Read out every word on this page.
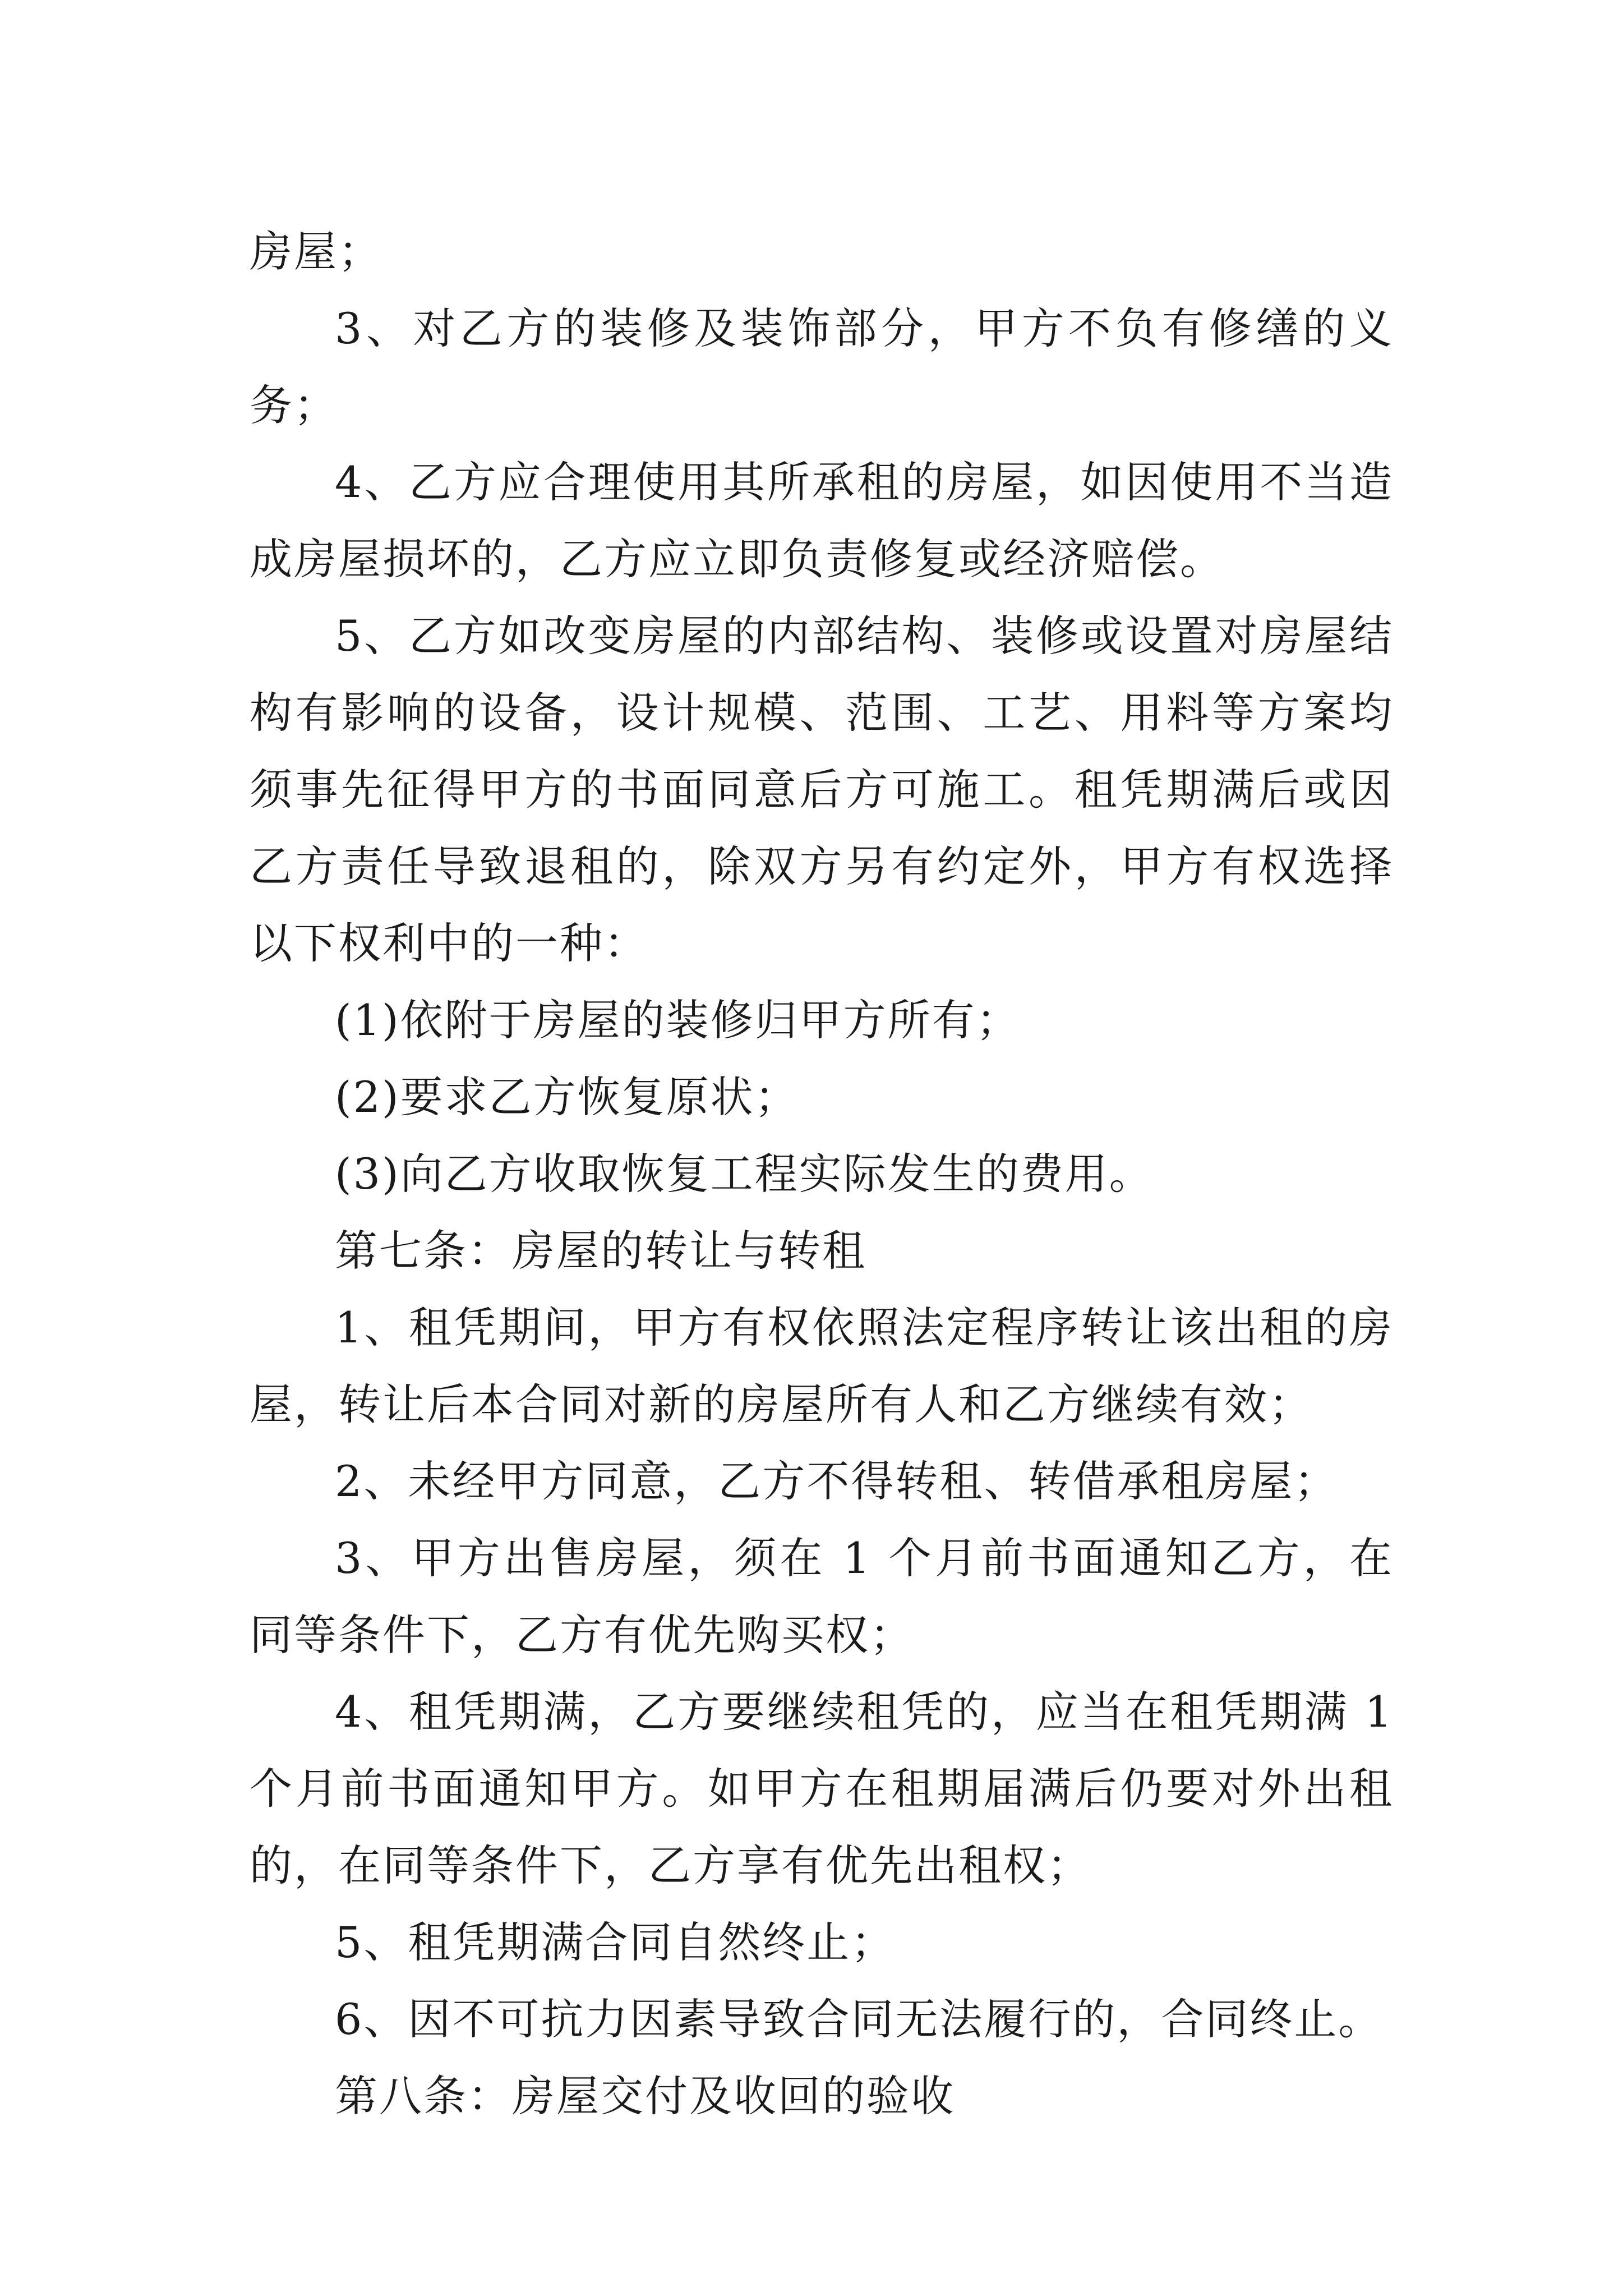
房屋；

3、对乙方的装修及装饰部分，甲方不负有修缮的义务；

4、乙方应合理使用其所承租的房屋，如因使用不当造成房屋损坏的，乙方应立即负责修复或经济赔偿。

5、乙方如改变房屋的内部结构、装修或设置对房屋结构有影响的设备，设计规模、范围、工艺、用料等方案均须事先征得甲方的书面同意后方可施工。租凭期满后或因乙方责任导致退租的，除双方另有约定外，甲方有权选择以下权利中的一种：

(1)依附于房屋的装修归甲方所有；

(2)要求乙方恢复原状；

(3)向乙方收取恢复工程实际发生的费用。

第七条：房屋的转让与转租

1、租凭期间，甲方有权依照法定程序转让该出租的房屋，转让后本合同对新的房屋所有人和乙方继续有效；

2、未经甲方同意，乙方不得转租、转借承租房屋；

3、甲方出售房屋，须在 1 个月前书面通知乙方，在同等条件下，乙方有优先购买权；

4、租凭期满，乙方要继续租凭的，应当在租凭期满 1 个月前书面通知甲方。如甲方在租期届满后仍要对外出租的，在同等条件下，乙方享有优先出租权；

5、租凭期满合同自然终止；

6、因不可抗力因素导致合同无法履行的，合同终止。

第八条：房屋交付及收回的验收
